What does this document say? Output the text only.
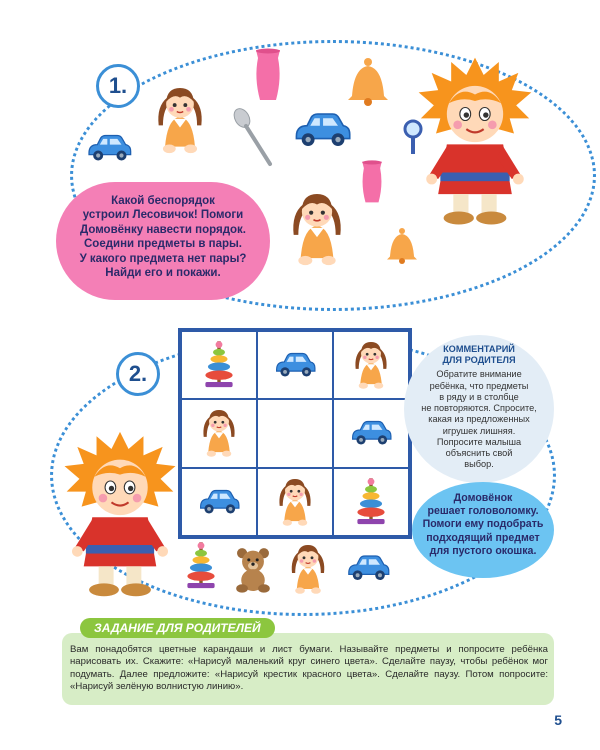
1.
Какой беспорядок
устроил Лесовичок! Помоги
Домовёнку навести порядок.
Соедини предметы в пары.
У какого предмета нет пары?
Найди его и покажи.
2.
КОММЕНТАРИЙ
ДЛЯ РОДИТЕЛЯ
Обратите внимание
ребёнка, что предметы
в ряду и в столбце
не повторяются. Спросите,
какая из предложенных
игрушек лишняя.
Попросите малыша
объяснить свой
выбор.
Домовёнок
решает головоломку.
Помоги ему подобрать
подходящий предмет
для пустого окошка.
ЗАДАНИЕ ДЛЯ РОДИТЕЛЕЙ
Вам понадобятся цветные карандаши и лист бумаги. Называйте предметы и попросите ребёнка нарисовать их. Скажите: «Нарисуй маленький круг синего цвета». Сделайте паузу, чтобы ребёнок мог подумать. Далее предложите: «Нарисуй крестик красного цвета». Сделайте паузу. Потом попросите: «Нарисуй зелёную волнистую линию».
5
